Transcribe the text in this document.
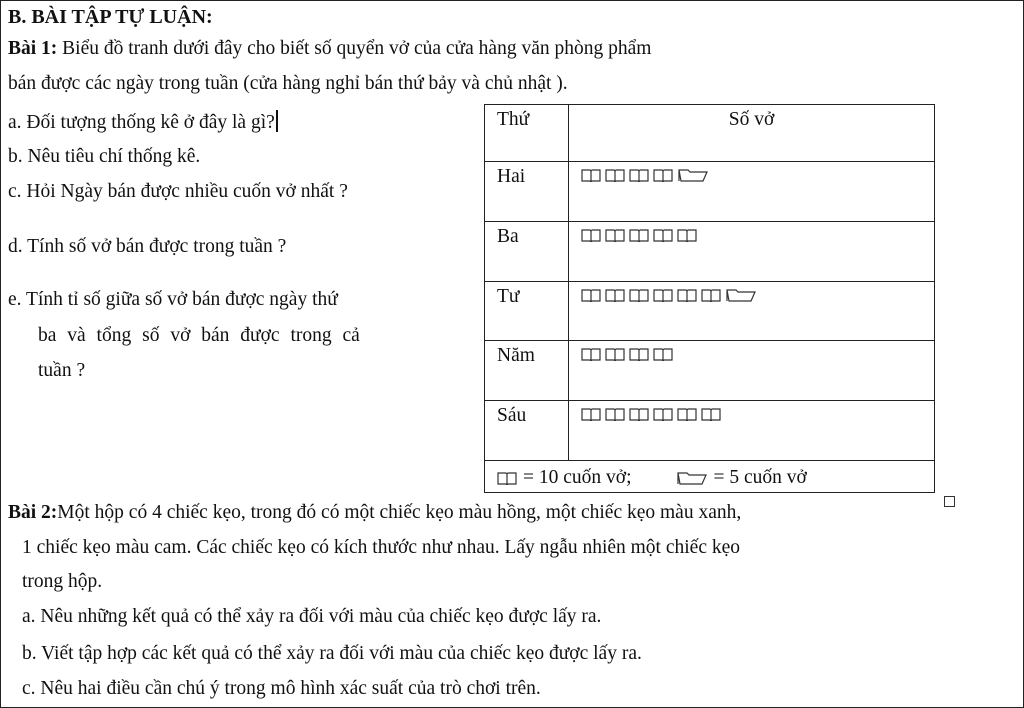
B. BÀI TẬP TỰ LUẬN:
Bài 1: Biểu đồ tranh dưới đây cho biết số quyển vở của cửa hàng văn phòng phẩm
bán được các ngày trong tuần (cửa hàng nghỉ bán thứ bảy và chủ nhật ).
a. Đối tượng thống kê ở đây là gì?
b. Nêu tiêu chí thống kê.
c. Hỏi Ngày bán được nhiều cuốn vở nhất ?
d. Tính số vở bán được trong tuần ?
e. Tính tỉ số giữa số vở bán được ngày thứ
ba và tổng số vở bán được trong cả
tuần ?
Thứ	Số vở
Hai	

Ba	

Tư	

Năm	

Sáu	

= 10 cuốn vở; = 5 cuốn vở	
Bài 2:Một hộp có 4 chiếc kẹo, trong đó có một chiếc kẹo màu hồng, một chiếc kẹo màu xanh,
1 chiếc kẹo màu cam. Các chiếc kẹo có kích thước như nhau. Lấy ngẫu nhiên một chiếc kẹo
trong hộp.
a. Nêu những kết quả có thể xảy ra đối với màu của chiếc kẹo được lấy ra.
b. Viết tập hợp các kết quả có thể xảy ra đối với màu của chiếc kẹo được lấy ra.
c. Nêu hai điều cần chú ý trong mô hình xác suất của trò chơi trên.
